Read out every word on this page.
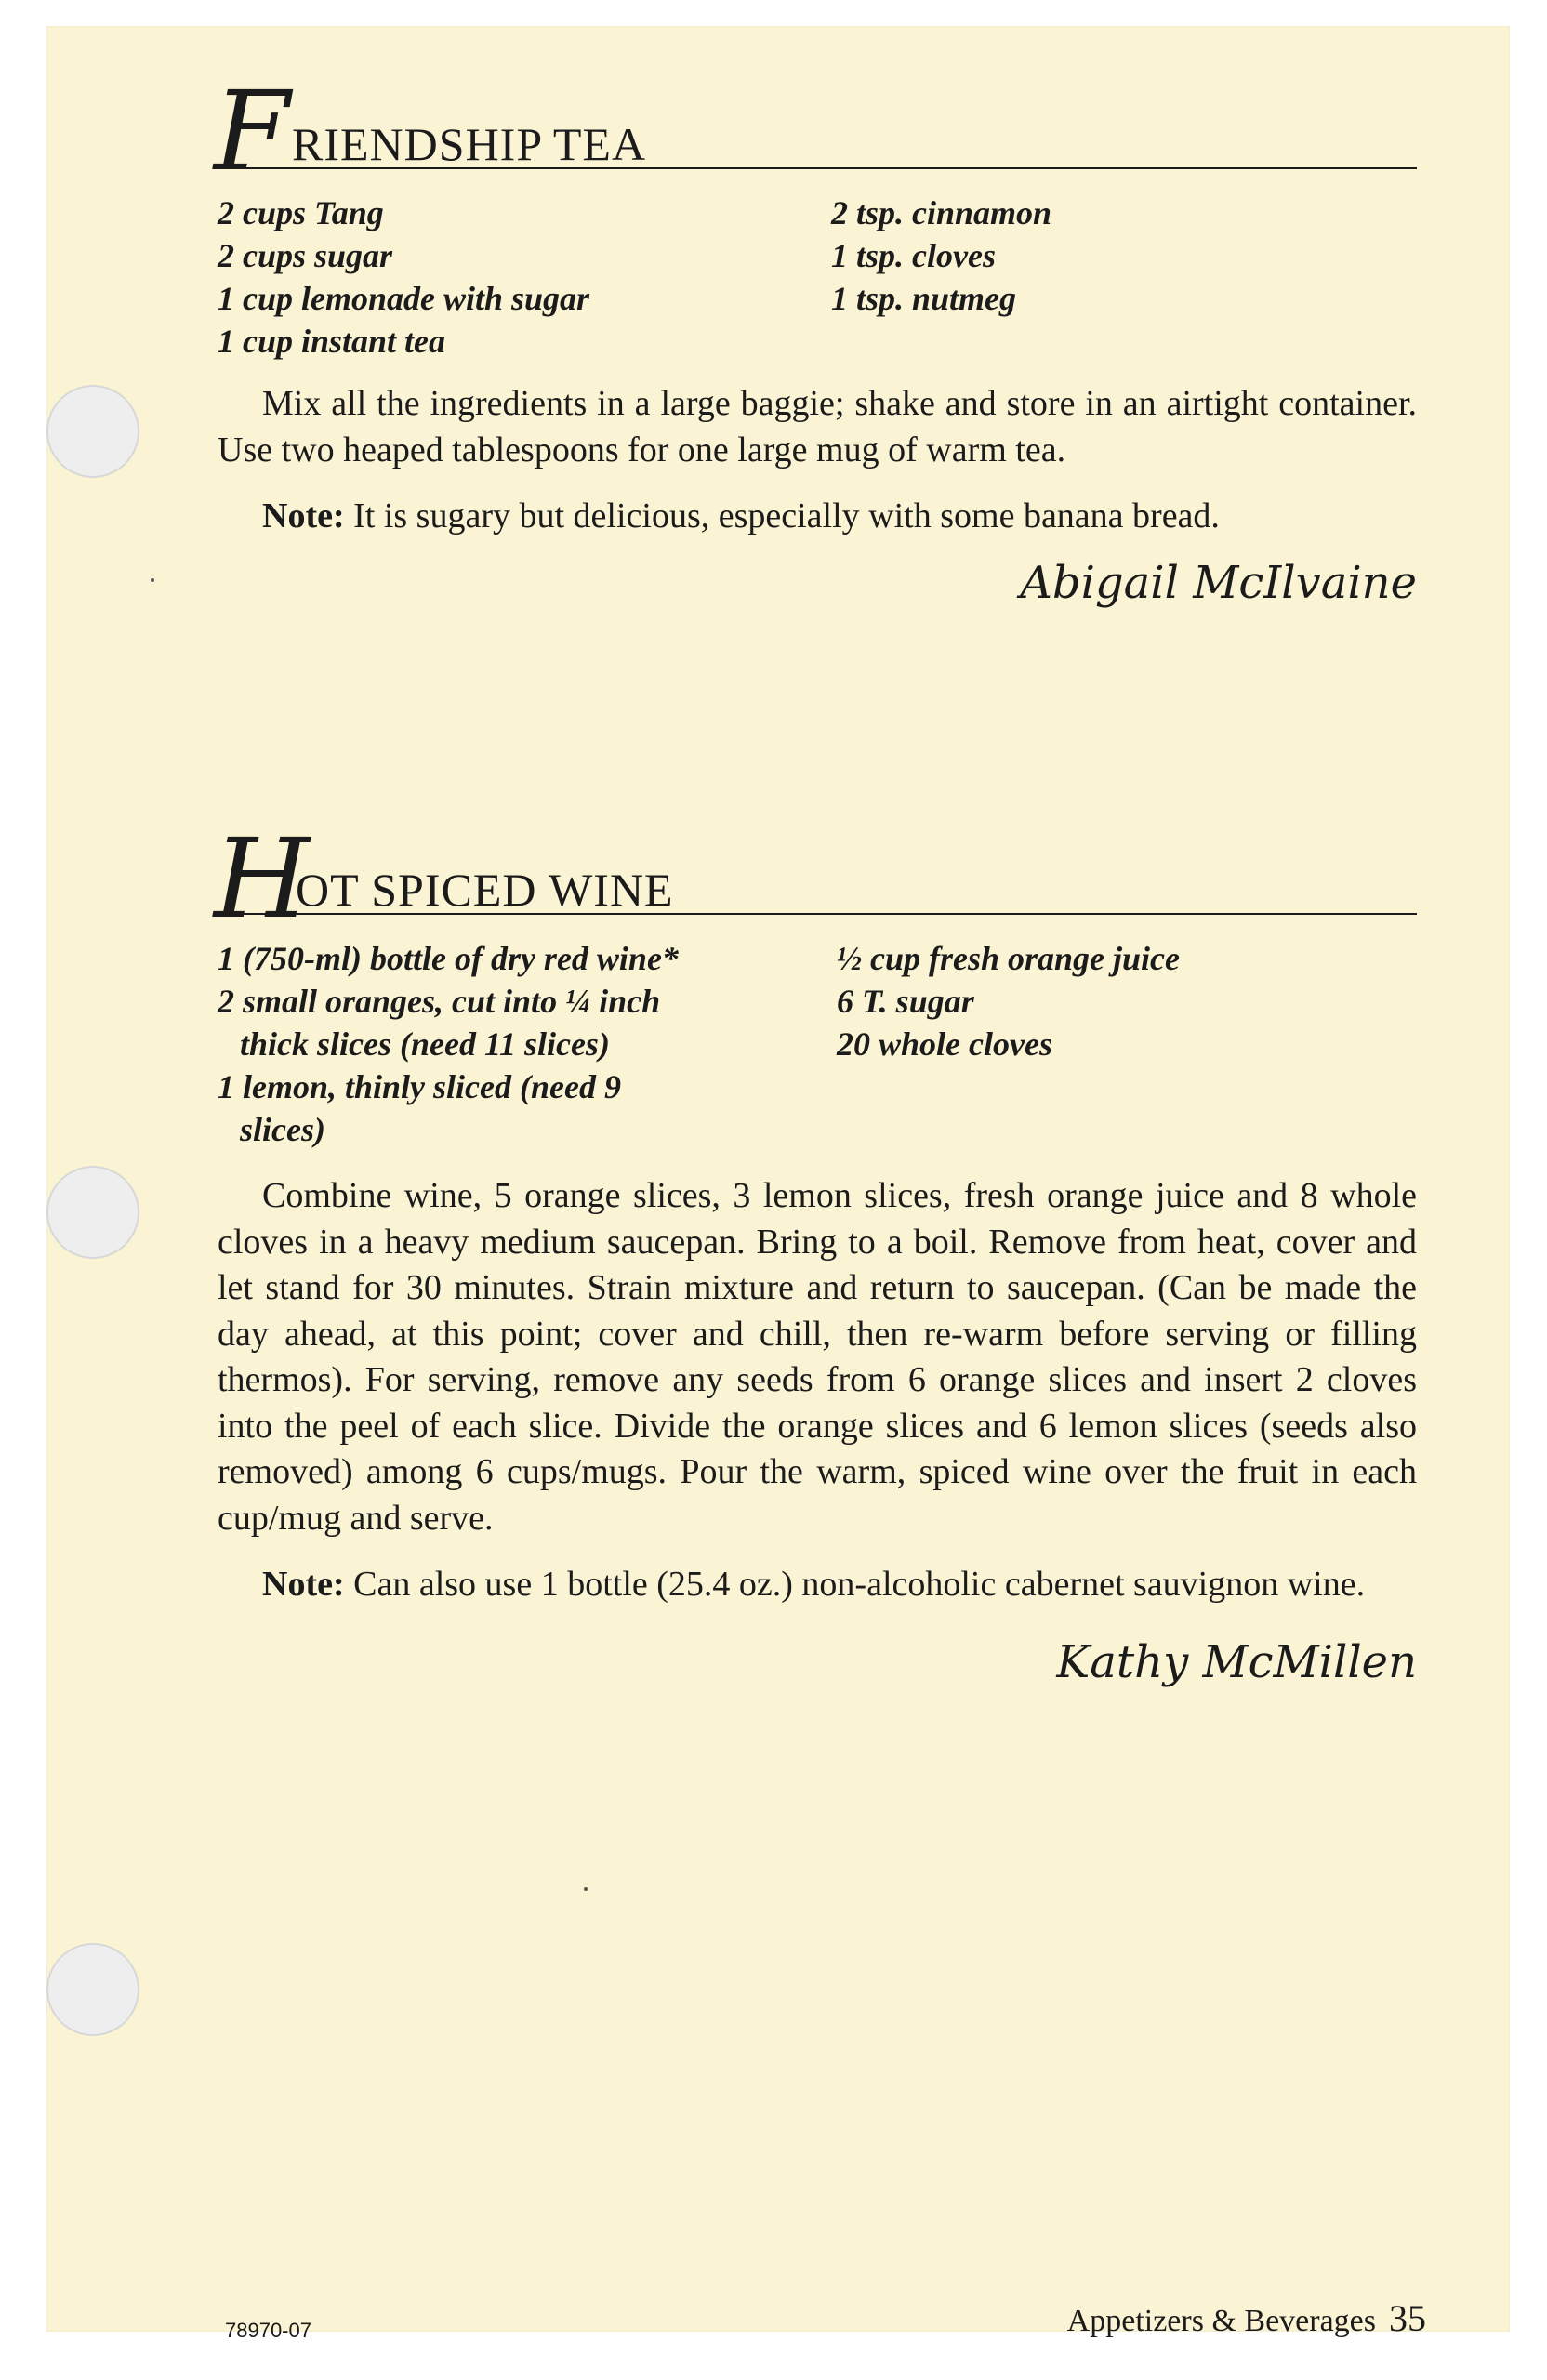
F RIENDSHIP TEA
2 cups Tang
2 cups sugar
1 cup lemonade with sugar
1 cup instant tea
2 tsp. cinnamon
1 tsp. cloves
1 tsp. nutmeg

Mix all the ingredients in a large baggie; shake and store in an airtight container. Use two heaped tablespoons for one large mug of warm tea.

Note: It is sugary but delicious, especially with some banana bread.
Abigail McIlvaine
H
OT SPICED WINE
1 (750-ml) bottle of dry red wine*
2 small oranges, cut into ¼ inch
thick slices (need 11 slices)
1 lemon, thinly sliced (need 9
slices)
½ cup fresh orange juice
6 T. sugar
20 whole cloves

Combine wine, 5 orange slices, 3 lemon slices, fresh orange juice and 8 whole cloves in a heavy medium saucepan. Bring to a boil. Remove from heat, cover and let stand for 30 minutes. Strain mixture and return to saucepan. (Can be made the day ahead, at this point; cover and chill, then re-warm before serving or filling thermos). For serving, remove any seeds from 6 orange slices and insert 2 cloves into the peel of each slice. Divide the orange slices and 6 lemon slices (seeds also removed) among 6 cups/mugs. Pour the warm, spiced wine over the fruit in each cup/mug and serve.

Note: Can also use 1 bottle (25.4 oz.) non-alcoholic cabernet sauvignon wine.
Kathy McMillen
78970-07	Appetizers & Beverages 35
